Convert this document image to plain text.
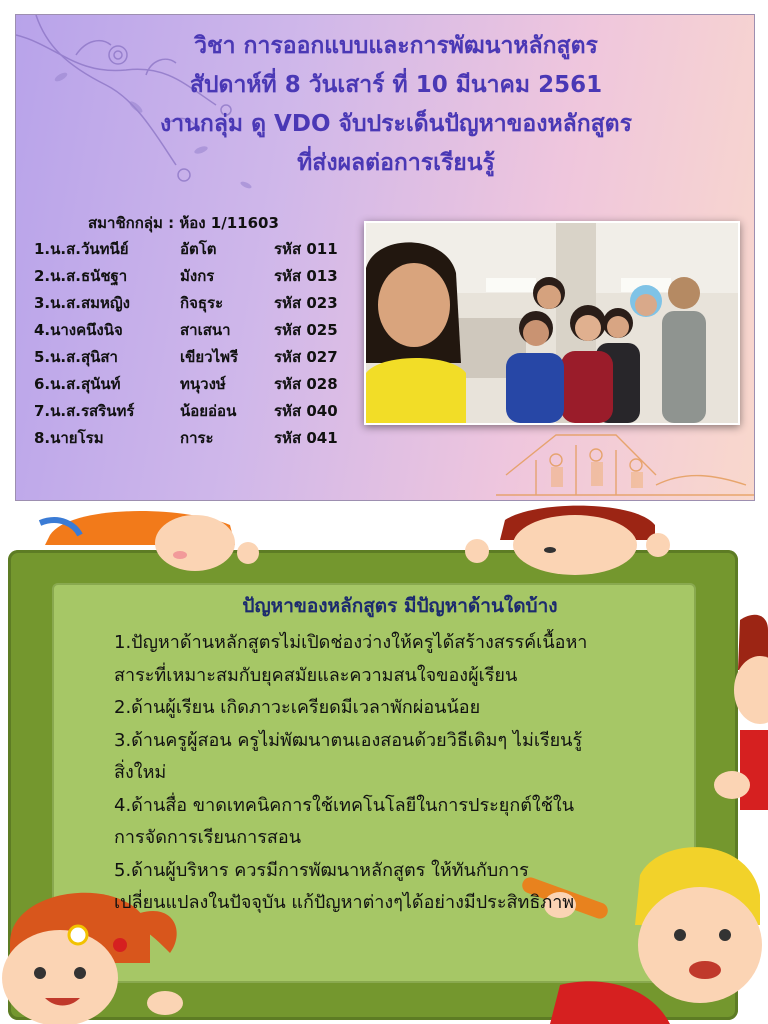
วิชา การออกแบบและการพัฒนาหลักสูตร
สัปดาห์ที่ 8 วันเสาร์ ที่ 10 มีนาคม 2561
งานกลุ่ม ดู VDO จับประเด็นปัญหาของหลักสูตร
ที่ส่งผลต่อการเรียนรู้
สมาชิกกลุ่ม : ห้อง 1/11603
1.น.ส.วันทนีย์	อัตโต	รหัส 011
2.น.ส.ธนัชฐา	มังกร	รหัส 013
3.น.ส.สมหญิง	กิจธุระ	รหัส 023
4.นางคนึงนิจ	สาเสนา	รหัส 025
5.น.ส.สุนิสา	เขียวไพรี รหัส 027
6.น.ส.สุนันท์	ทนุวงษ์	รหัส 028
7.น.ส.รสรินทร์	น้อยอ่อน	รหัส 040
8.นายโรม	การะ	รหัส 041
ปัญหาของหลักสูตร มีปัญหาด้านใดบ้าง
1.ปัญหาด้านหลักสูตรไม่เปิดช่องว่างให้ครูได้สร้างสรรค์เนื้อหา
สาระที่เหมาะสมกับยุคสมัยและความสนใจของผู้เรียน
2.ด้านผู้เรียน เกิดภาวะเครียดมีเวลาพักผ่อนน้อย
3.ด้านครูผู้สอน ครูไม่พัฒนาตนเองสอนด้วยวิธีเดิมๆ ไม่เรียนรู้
สิ่งใหม่
4.ด้านสื่อ ขาดเทคนิคการใช้เทคโนโลยีในการประยุกต์ใช้ใน
การจัดการเรียนการสอน
5.ด้านผู้บริหาร ควรมีการพัฒนาหลักสูตร ให้ทันกับการ
เปลี่ยนแปลงในปัจจุบัน แก้ปัญหาต่างๆได้อย่างมีประสิทธิภาพ
